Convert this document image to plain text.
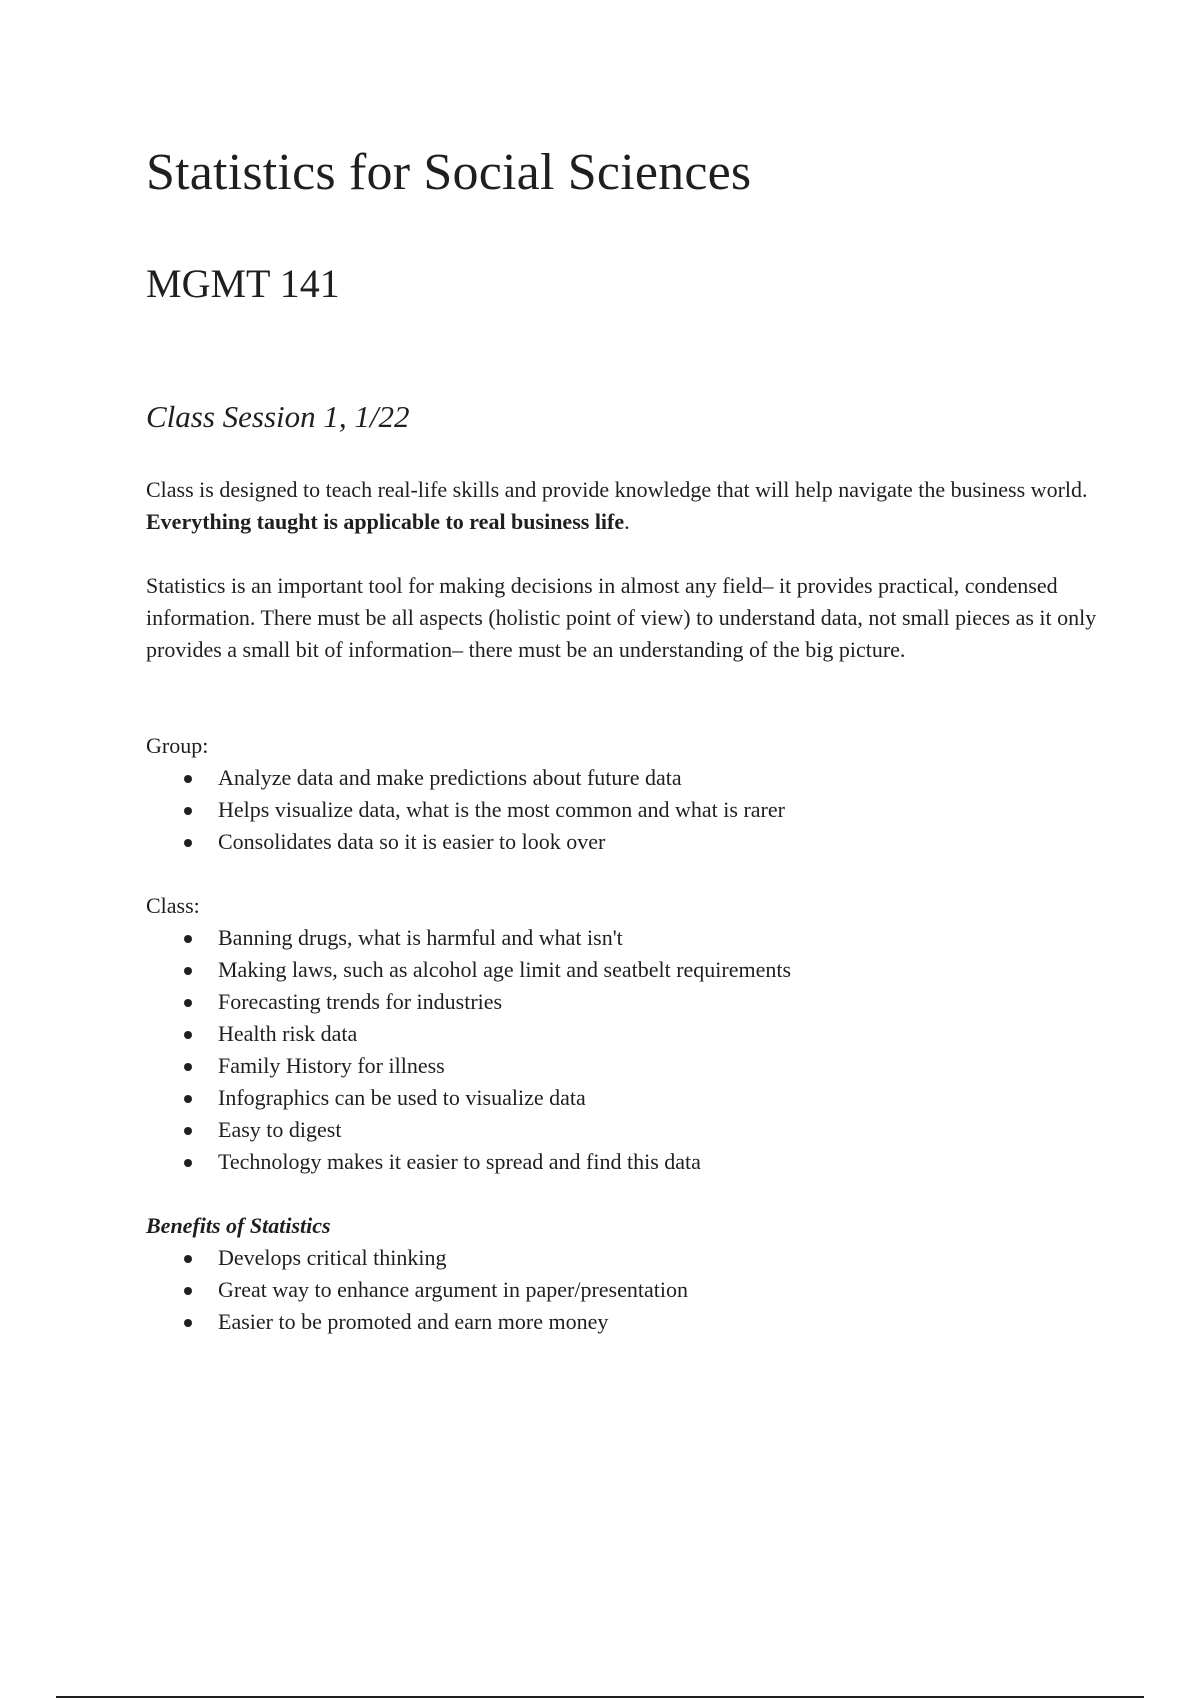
Statistics for Social Sciences
MGMT 141
Class Session 1, 1/22

Class is designed to teach real-life skills and provide knowledge that will help navigate the business world. Everything taught is applicable to real business life.

Statistics is an important tool for making decisions in almost any field– it provides practical, condensed information. There must be all aspects (holistic point of view) to understand data, not small pieces as it only provides a small bit of information– there must be an understanding of the big picture.

Group:

Analyze data and make predictions about future data
Helps visualize data, what is the most common and what is rarer
Consolidates data so it is easier to look over

Class:

Banning drugs, what is harmful and what isn't
Making laws, such as alcohol age limit and seatbelt requirements
Forecasting trends for industries
Health risk data
Family History for illness
Infographics can be used to visualize data
Easy to digest
Technology makes it easier to spread and find this data

Benefits of Statistics

Develops critical thinking
Great way to enhance argument in paper/presentation
Easier to be promoted and earn more money
